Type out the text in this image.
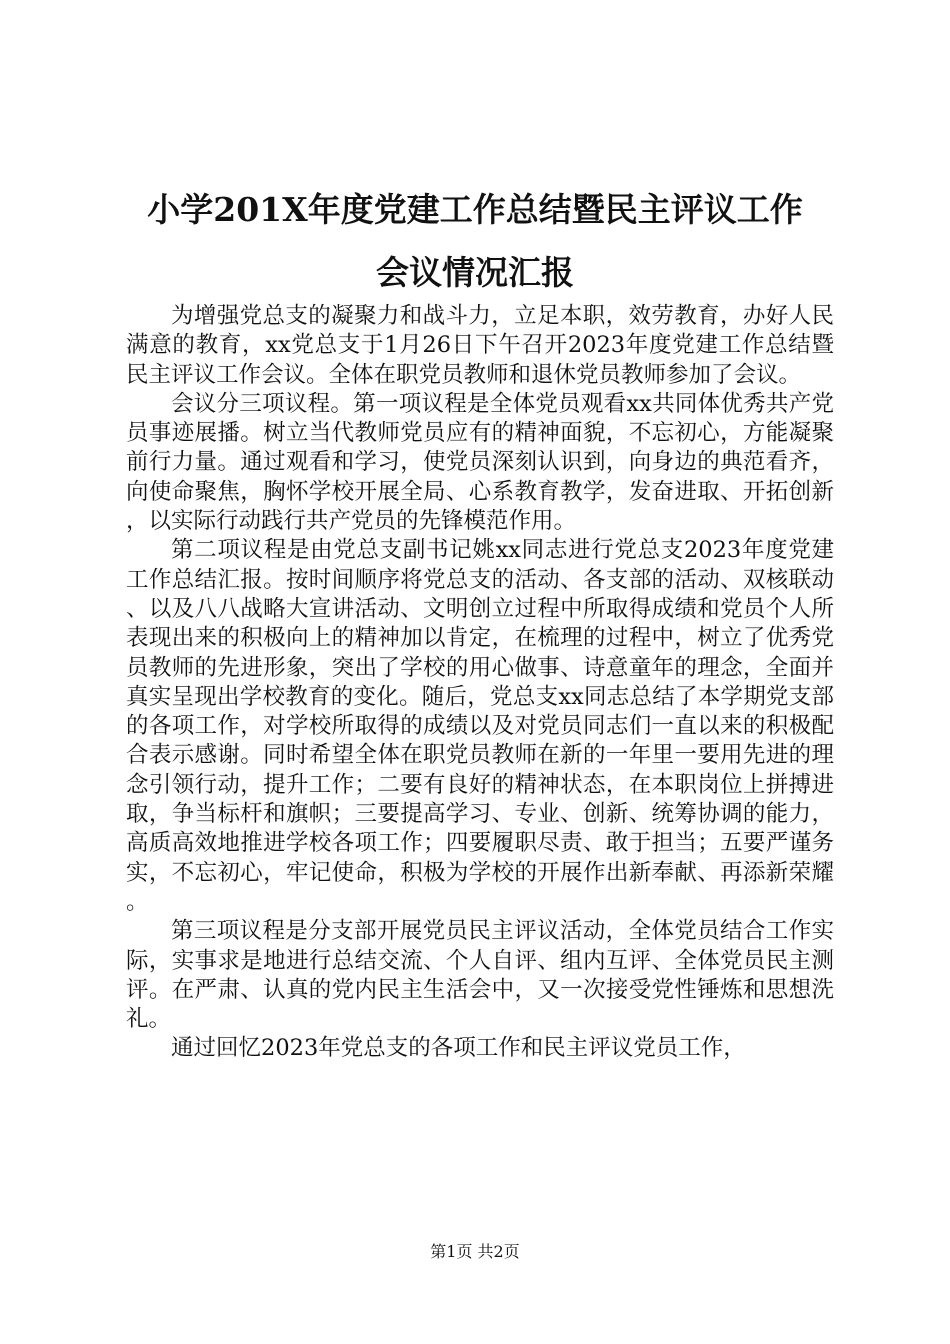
小学201X年度党建工作总结暨民主评议工作
会议情况汇报

为增强党总支的凝聚力和战斗力，立足本职，效劳教育，办好人民满意的教育，xx党总支于1月26日下午召开2023年度党建工作总结暨民主评议工作会议。全体在职党员教师和退休党员教师参加了会议。

会议分三项议程。第一项议程是全体党员观看xx共同体优秀共产党员事迹展播。树立当代教师党员应有的精神面貌，不忘初心，方能凝聚前行力量。通过观看和学习，使党员深刻认识到，向身边的典范看齐，向使命聚焦，胸怀学校开展全局、心系教育教学，发奋进取、开拓创新，以实际行动践行共产党员的先锋模范作用。

第二项议程是由党总支副书记姚xx同志进行党总支2023年度党建工作总结汇报。按时间顺序将党总支的活动、各支部的活动、双核联动、以及八八战略大宣讲活动、文明创立过程中所取得成绩和党员个人所表现出来的积极向上的精神加以肯定，在梳理的过程中，树立了优秀党员教师的先进形象，突出了学校的用心做事、诗意童年的理念，全面并真实呈现出学校教育的变化。随后，党总支xx同志总结了本学期党支部的各项工作，对学校所取得的成绩以及对党员同志们一直以来的积极配合表示感谢。同时希望全体在职党员教师在新的一年里一要用先进的理念引领行动，提升工作；二要有良好的精神状态，在本职岗位上拼搏进取，争当标杆和旗帜；三要提高学习、专业、创新、统筹协调的能力，高质高效地推进学校各项工作；四要履职尽责、敢于担当；五要严谨务实，不忘初心，牢记使命，积极为学校的开展作出新奉献、再添新荣耀。

第三项议程是分支部开展党员民主评议活动，全体党员结合工作实际，实事求是地进行总结交流、个人自评、组内互评、全体党员民主测评。在严肃、认真的党内民主生活会中，又一次接受党性锤炼和思想洗礼。

通过回忆2023年党总支的各项工作和民主评议党员工作，

第1页 共2页
